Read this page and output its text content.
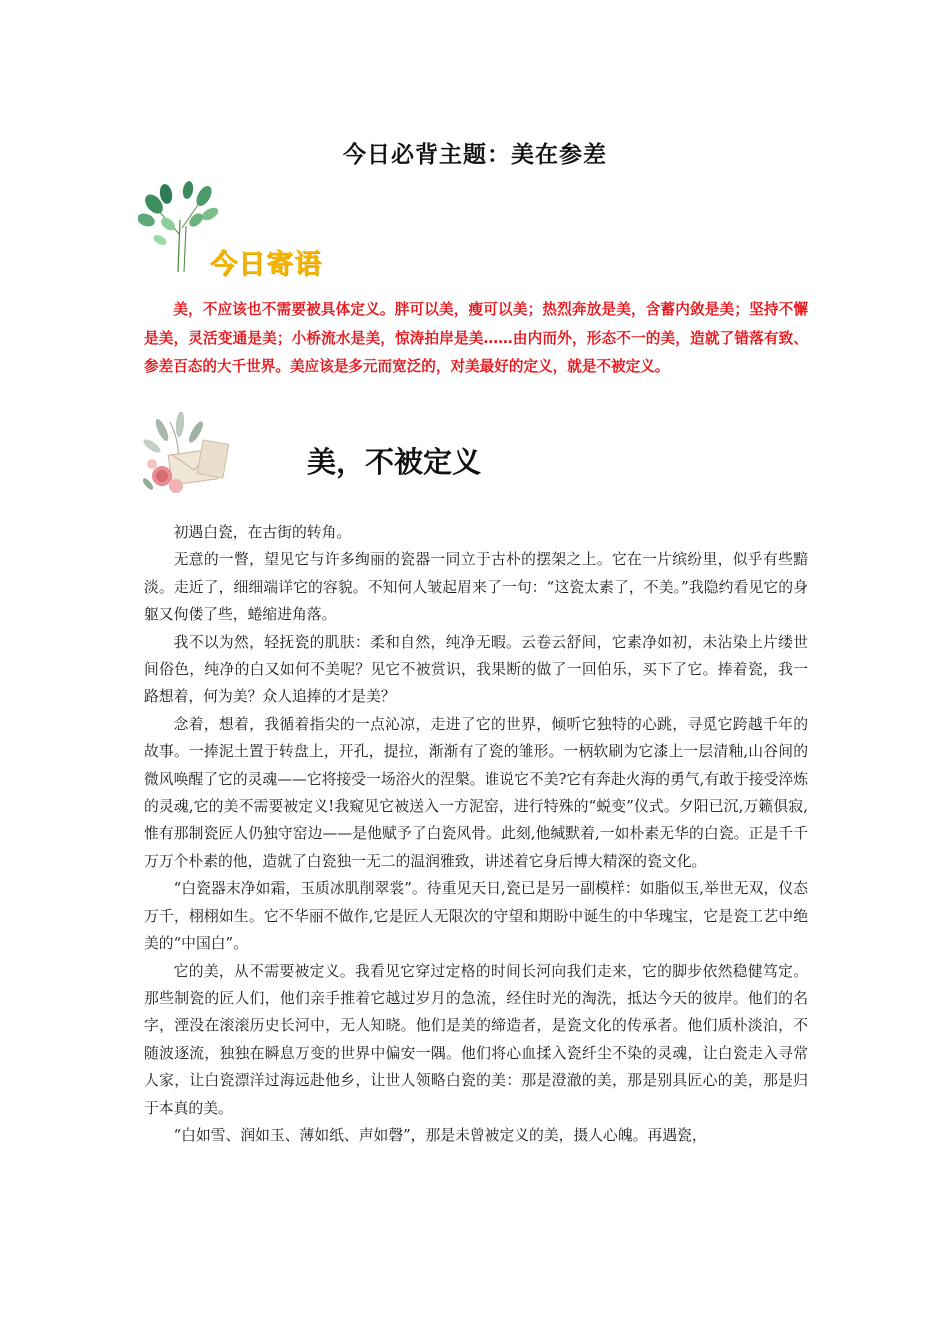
今日必背主题：美在参差
今日寄语

美，不应该也不需要被具体定义。胖可以美，瘦可以美；热烈奔放是美，含蓄内敛是美；坚持不懈是美，灵活变通是美；小桥流水是美，惊涛拍岸是美……由内而外，形态不一的美，造就了错落有致、参差百态的大千世界。美应该是多元而宽泛的，对美最好的定义，就是不被定义。

美，不被定义

初遇白瓷，在古街的转角。

无意的一瞥，望见它与许多绚丽的瓷器一同立于古朴的摆架之上。它在一片缤纷里，似乎有些黯淡。走近了，细细端详它的容貌。不知何人皱起眉来了一句：“这瓷太素了，不美。”我隐约看见它的身躯又佝偻了些，蜷缩进角落。

我不以为然，轻抚瓷的肌肤：柔和自然，纯净无暇。云卷云舒间，它素净如初，未沾染上片缕世间俗色，纯净的白又如何不美呢？见它不被赏识，我果断的做了一回伯乐，买下了它。捧着瓷，我一路想着，何为美？众人追捧的才是美？

念着，想着，我循着指尖的一点沁凉，走进了它的世界，倾听它独特的心跳，寻觅它跨越千年的故事。一捧泥土置于转盘上，开孔，提拉，渐渐有了瓷的雏形。一柄软刷为它漆上一层清釉,山谷间的微风唤醒了它的灵魂——它将接受一场浴火的涅槃。谁说它不美?它有奔赴火海的勇气,有敢于接受淬炼的灵魂,它的美不需要被定义!我窥见它被送入一方泥窑，进行特殊的“蜕变”仪式。夕阳已沉,万籁俱寂,惟有那制瓷匠人仍独守窑边——是他赋予了白瓷风骨。此刻,他缄默着,一如朴素无华的白瓷。正是千千万万个朴素的他，造就了白瓷独一无二的温润雅致，讲述着它身后博大精深的瓷文化。

“白瓷器末净如霜，玉质冰肌削翠裳”。待重见天日,瓷已是另一副模样：如脂似玉,举世无双，仪态万千，栩栩如生。它不华丽不做作,它是匠人无限次的守望和期盼中诞生的中华瑰宝，它是瓷工艺中绝美的“中国白”。

它的美，从不需要被定义。我看见它穿过定格的时间长河向我们走来，它的脚步依然稳健笃定。那些制瓷的匠人们，他们亲手推着它越过岁月的急流，经住时光的淘洗，抵达今天的彼岸。他们的名字，湮没在滚滚历史长河中，无人知晓。他们是美的缔造者，是瓷文化的传承者。他们质朴淡泊，不随波逐流，独独在瞬息万变的世界中偏安一隅。他们将心血揉入瓷纤尘不染的灵魂，让白瓷走入寻常人家，让白瓷漂洋过海远赴他乡，让世人领略白瓷的美：那是澄澈的美，那是别具匠心的美，那是归于本真的美。

“白如雪、润如玉、薄如纸、声如磬”，那是未曾被定义的美，摄人心魄。再遇瓷，
